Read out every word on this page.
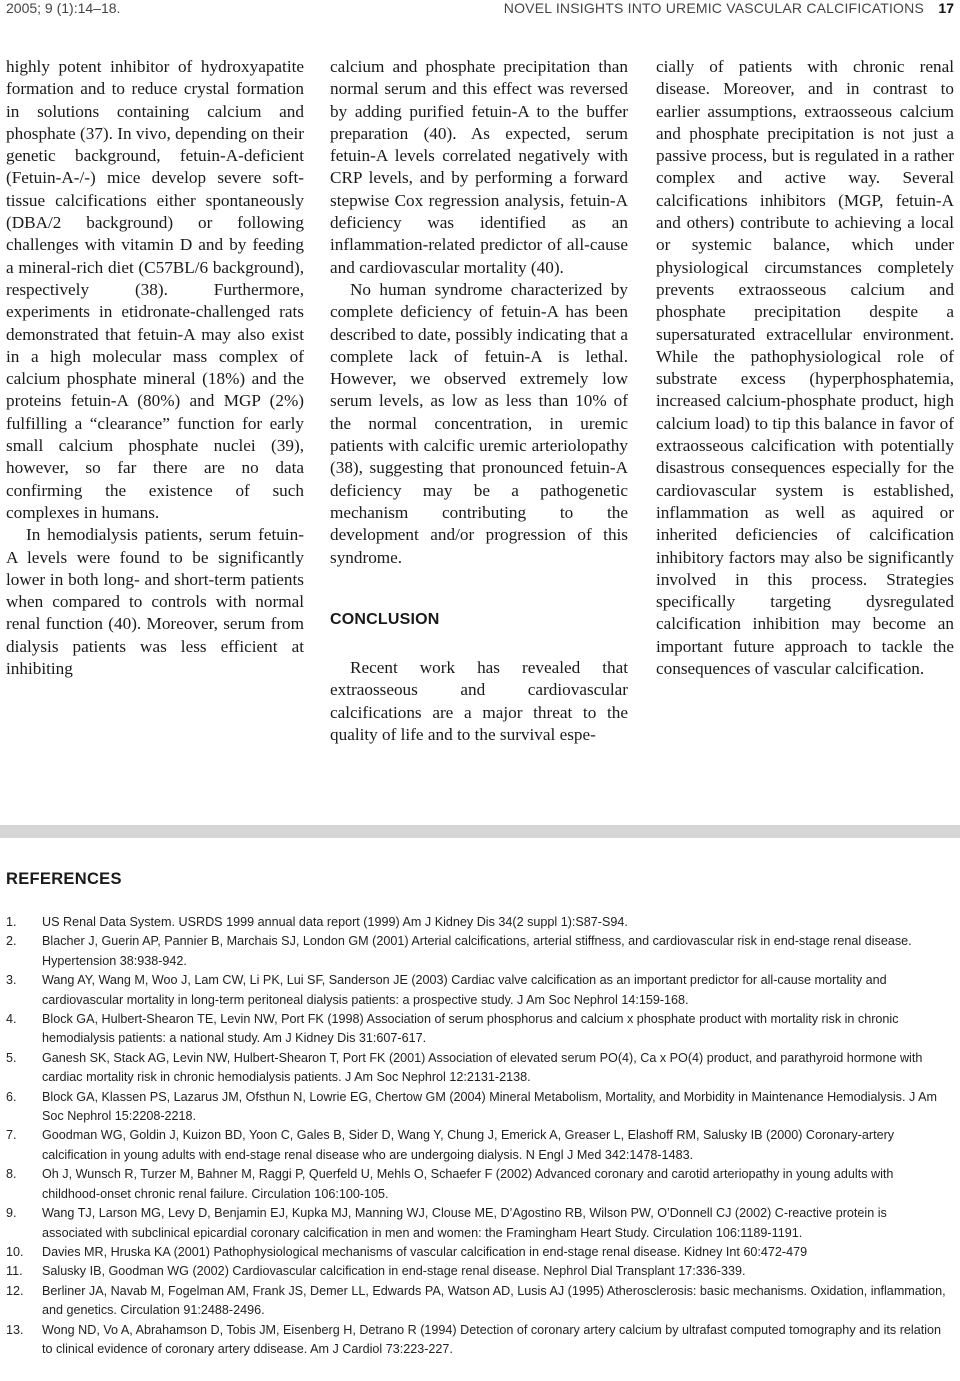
2005; 9 (1):14–18.	NOVEL INSIGHTS INTO UREMIC VASCULAR CALCIFICATIONS 17

highly potent inhibitor of hydroxyapatite formation and to reduce crystal formation in solutions containing calcium and phosphate (37). In vivo, depending on their genetic background, fetuin-A-deficient (Fetuin-A-/-) mice develop severe soft-tissue calcifications either spontaneously (DBA/2 background) or following challenges with vitamin D and by feeding a mineral-rich diet (C57BL/6 background), respectively (38). Furthermore, experiments in etidronate-challenged rats demonstrated that fetuin-A may also exist in a high molecular mass complex of calcium phosphate mineral (18%) and the proteins fetuin-A (80%) and MGP (2%) fulfilling a “clearance” function for early small calcium phosphate nuclei (39), however, so far there are no data confirming the existence of such complexes in humans.

In hemodialysis patients, serum fetuin-A levels were found to be significantly lower in both long- and short-term patients when compared to controls with normal renal function (40). Moreover, serum from dialysis patients was less efficient at inhibiting

calcium and phosphate precipitation than normal serum and this effect was reversed by adding purified fetuin-A to the buffer preparation (40). As expected, serum fetuin-A levels correlated negatively with CRP levels, and by performing a forward stepwise Cox regression analysis, fetuin-A deficiency was identified as an inflammation-related predictor of all-cause and cardiovascular mortality (40).

No human syndrome characterized by complete deficiency of fetuin-A has been described to date, possibly indicating that a complete lack of fetuin-A is lethal. However, we observed extremely low serum levels, as low as less than 10% of the normal concentration, in uremic patients with calcific uremic arteriolopathy (38), suggesting that pronounced fetuin-A deficiency may be a pathogenetic mechanism contributing to the development and/or progression of this syndrome.

CONCLUSION

Recent work has revealed that extraosseous and cardiovascular calcifications are a major threat to the quality of life and to the survival espe-

cially of patients with chronic renal disease. Moreover, and in contrast to earlier assumptions, extraosseous calcium and phosphate precipitation is not just a passive process, but is regulated in a rather complex and active way. Several calcifications inhibitors (MGP, fetuin-A and others) contribute to achieving a local or systemic balance, which under physiological circumstances completely prevents extraosseous calcium and phosphate precipitation despite a supersaturated extracellular environment. While the pathophysiological role of substrate excess (hyperphosphatemia, increased calcium-phosphate product, high calcium load) to tip this balance in favor of extraosseous calcification with potentially disastrous consequences especially for the cardiovascular system is established, inflammation as well as aquired or inherited deficiencies of calcification inhibitory factors may also be significantly involved in this process. Strategies specifically targeting dysregulated calcification inhibition may become an important future approach to tackle the consequences of vascular calcification.

REFERENCES
1. US Renal Data System. USRDS 1999 annual data report (1999) Am J Kidney Dis 34(2 suppl 1):S87-S94.
2. Blacher J, Guerin AP, Pannier B, Marchais SJ, London GM (2001) Arterial calcifications, arterial stiffness, and cardiovascular risk in end-stage renal disease. Hypertension 38:938-942.
3. Wang AY, Wang M, Woo J, Lam CW, Li PK, Lui SF, Sanderson JE (2003) Cardiac valve calcification as an important predictor for all-cause mortality and cardiovascular mortality in long-term peritoneal dialysis patients: a prospective study. J Am Soc Nephrol 14:159-168.
4. Block GA, Hulbert-Shearon TE, Levin NW, Port FK (1998) Association of serum phosphorus and calcium x phosphate product with mortality risk in chronic hemodialysis patients: a national study. Am J Kidney Dis 31:607-617.
5. Ganesh SK, Stack AG, Levin NW, Hulbert-Shearon T, Port FK (2001) Association of elevated serum PO(4), Ca x PO(4) product, and parathyroid hormone with cardiac mortality risk in chronic hemodialysis patients. J Am Soc Nephrol 12:2131-2138.
6. Block GA, Klassen PS, Lazarus JM, Ofsthun N, Lowrie EG, Chertow GM (2004) Mineral Metabolism, Mortality, and Morbidity in Maintenance Hemodialysis. J Am Soc Nephrol 15:2208-2218.
7. Goodman WG, Goldin J, Kuizon BD, Yoon C, Gales B, Sider D, Wang Y, Chung J, Emerick A, Greaser L, Elashoff RM, Salusky IB (2000) Coronary-artery calcification in young adults with end-stage renal disease who are undergoing dialysis. N Engl J Med 342:1478-1483.
8. Oh J, Wunsch R, Turzer M, Bahner M, Raggi P, Querfeld U, Mehls O, Schaefer F (2002) Advanced coronary and carotid arteriopathy in young adults with childhood-onset chronic renal failure. Circulation 106:100-105.
9. Wang TJ, Larson MG, Levy D, Benjamin EJ, Kupka MJ, Manning WJ, Clouse ME, D’Agostino RB, Wilson PW, O’Donnell CJ (2002) C-reactive protein is associated with subclinical epicardial coronary calcification in men and women: the Framingham Heart Study. Circulation 106:1189-1191.
10. Davies MR, Hruska KA (2001) Pathophysiological mechanisms of vascular calcification in end-stage renal disease. Kidney Int 60:472-479
11. Salusky IB, Goodman WG (2002) Cardiovascular calcification in end-stage renal disease. Nephrol Dial Transplant 17:336-339.
12. Berliner JA, Navab M, Fogelman AM, Frank JS, Demer LL, Edwards PA, Watson AD, Lusis AJ (1995) Atherosclerosis: basic mechanisms. Oxidation, inflammation, and genetics. Circulation 91:2488-2496.
13. Wong ND, Vo A, Abrahamson D, Tobis JM, Eisenberg H, Detrano R (1994) Detection of coronary artery calcium by ultrafast computed tomography and its relation to clinical evidence of coronary artery ddisease. Am J Cardiol 73:223-227.
